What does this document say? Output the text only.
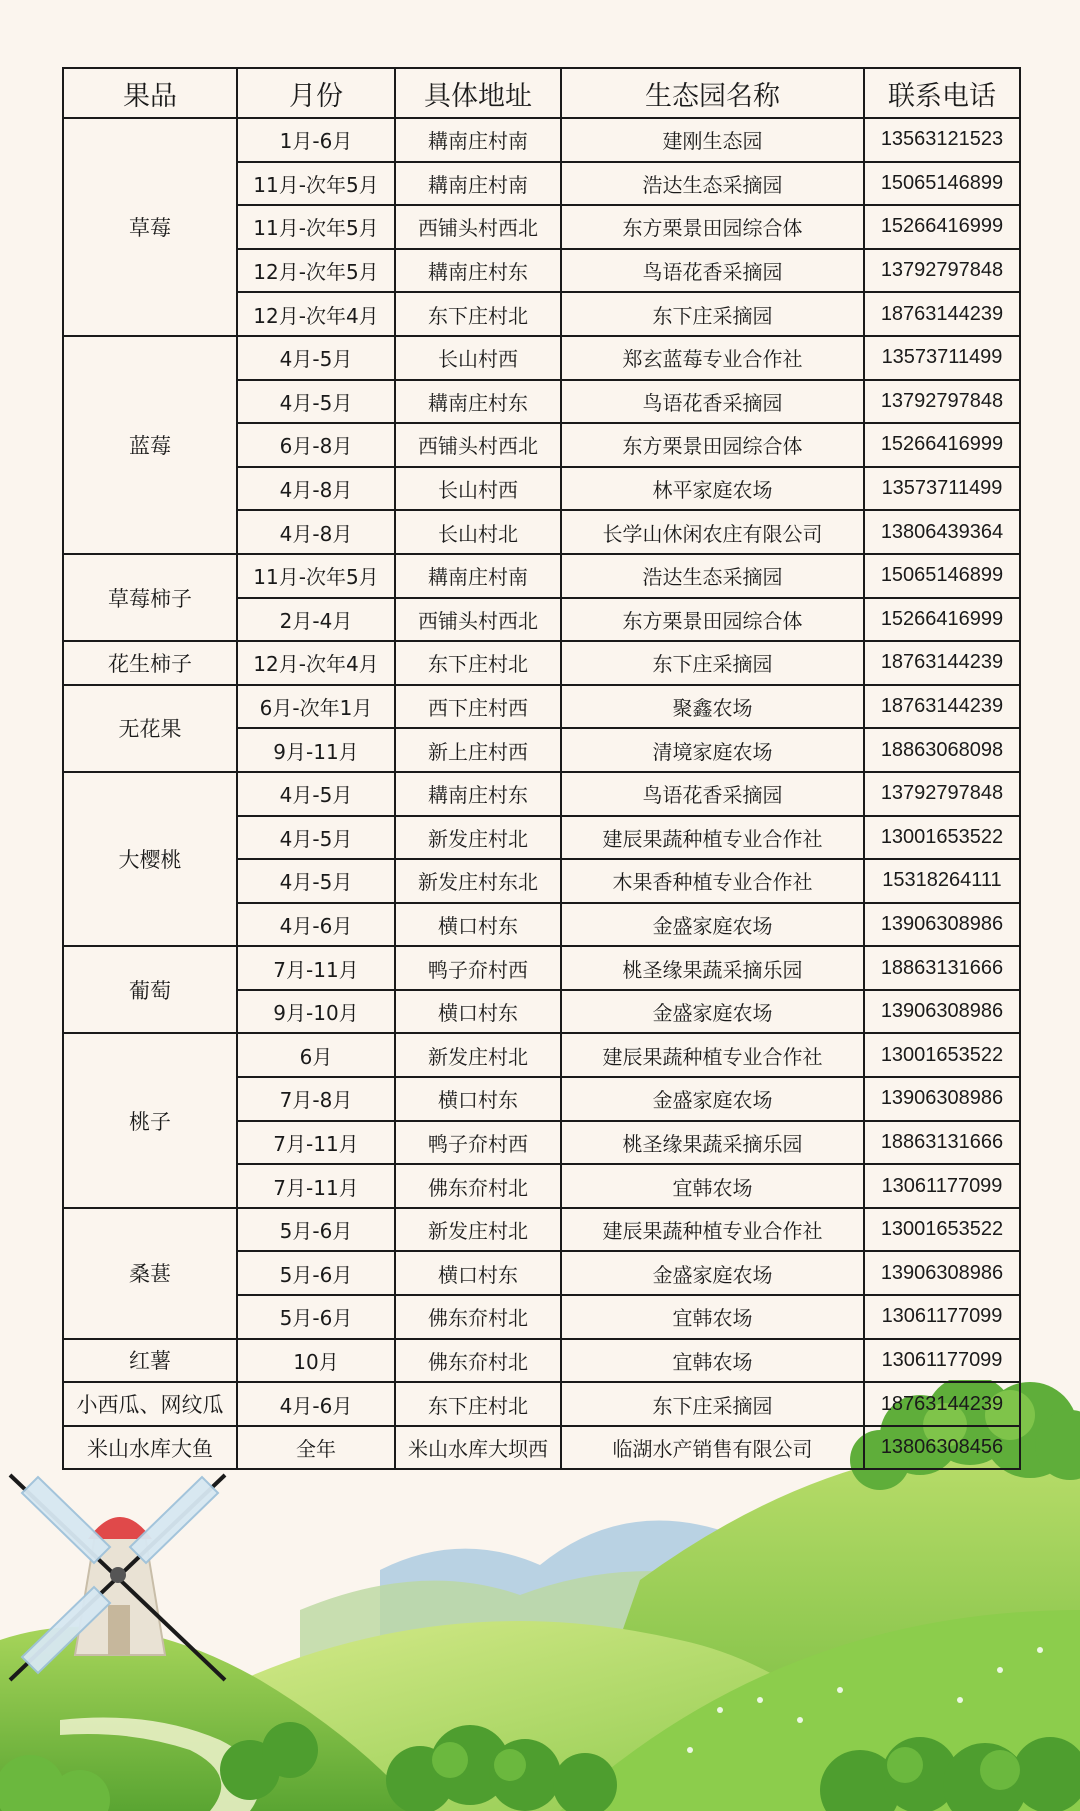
果品	月份	具体地址	生态园名称	联系电话
草莓	1月-6月	耩南庄村南	建刚生态园	13563121523
	11月-次年5月	耩南庄村南	浩达生态采摘园	15065146899
	11月-次年5月	西铺头村西北	东方栗景田园综合体	15266416999
	12月-次年5月	耩南庄村东	鸟语花香采摘园	13792797848
	12月-次年4月	东下庄村北	东下庄采摘园	18763144239
蓝莓	4月-5月	长山村西	郑玄蓝莓专业合作社	13573711499
	4月-5月	耩南庄村东	鸟语花香采摘园	13792797848
	6月-8月	西铺头村西北	东方栗景田园综合体	15266416999
	4月-8月	长山村西	林平家庭农场	13573711499
	4月-8月	长山村北	长学山休闲农庄有限公司	13806439364
草莓柿子	11月-次年5月	耩南庄村南	浩达生态采摘园	15065146899
	2月-4月	西铺头村西北	东方栗景田园综合体	15266416999
花生柿子	12月-次年4月	东下庄村北	东下庄采摘园	18763144239
无花果	6月-次年1月	西下庄村西	聚鑫农场	18763144239
	9月-11月	新上庄村西	清境家庭农场	18863068098
大樱桃	4月-5月	耩南庄村东	鸟语花香采摘园	13792797848
	4月-5月	新发庄村北	建辰果蔬种植专业合作社	13001653522
	4月-5月	新发庄村东北	木果香种植专业合作社	15318264111
	4月-6月	横口村东	金盛家庭农场	13906308986
葡萄	7月-11月	鸭子夼村西	桃圣缘果蔬采摘乐园	18863131666
	9月-10月	横口村东	金盛家庭农场	13906308986
桃子	6月	新发庄村北	建辰果蔬种植专业合作社	13001653522
	7月-8月	横口村东	金盛家庭农场	13906308986
	7月-11月	鸭子夼村西	桃圣缘果蔬采摘乐园	18863131666
	7月-11月	佛东夼村北	宜韩农场	13061177099
桑葚	5月-6月	新发庄村北	建辰果蔬种植专业合作社	13001653522
	5月-6月	横口村东	金盛家庭农场	13906308986
	5月-6月	佛东夼村北	宜韩农场	13061177099
红薯	10月	佛东夼村北	宜韩农场	13061177099
小西瓜、网纹瓜	4月-6月	东下庄村北	东下庄采摘园	18763144239
米山水库大鱼	全年	米山水库大坝西	临湖水产销售有限公司	13806308456
